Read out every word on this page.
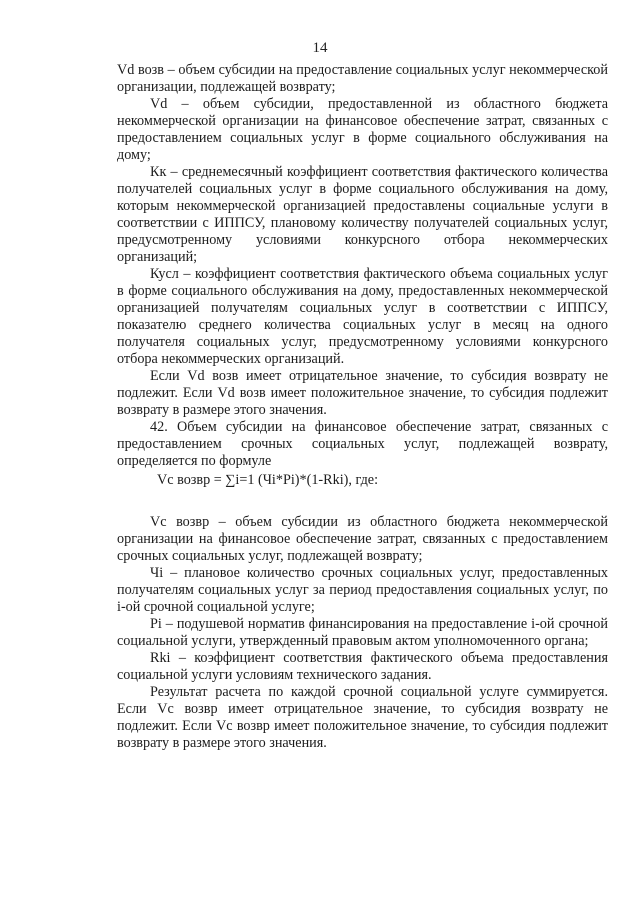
14

Vd возв – объем субсидии на предоставление социальных услуг некоммерческой организации, подлежащей возврату;

Vd – объем субсидии, предоставленной из областного бюджета некоммерческой организации на финансовое обеспечение затрат, связанных с предоставлением социальных услуг в форме социального обслуживания на дому;

Кк – среднемесячный коэффициент соответствия фактического количества получателей социальных услуг в форме социального обслуживания на дому, которым некоммерческой организацией предоставлены социальные услуги в соответствии с ИППСУ, плановому количеству получателей социальных услуг, предусмотренному условиями конкурсного отбора некоммерческих организаций;

Кусл – коэффициент соответствия фактического объема социальных услуг в форме социального обслуживания на дому, предоставленных некоммерческой организацией получателям социальных услуг в соответствии с ИППСУ, показателю среднего количества социальных услуг в месяц на одного получателя социальных услуг, предусмотренному условиями конкурсного отбора некоммерческих организаций.

Если Vd возв имеет отрицательное значение, то субсидия возврату не подлежит. Если Vd возв имеет положительное значение, то субсидия подлежит возврату в размере этого значения.

42. Объем субсидии на финансовое обеспечение затрат, связанных с предоставлением срочных социальных услуг, подлежащей возврату, определяется по формуле

Vc возвр = ∑i=1 (Чi*Pi)*(1-Rki), где:

Vc возвр – объем субсидии из областного бюджета некоммерческой организации на финансовое обеспечение затрат, связанных с предоставлением срочных социальных услуг, подлежащей возврату;

Чi – плановое количество срочных социальных услуг, предоставленных получателям социальных услуг за период предоставления социальных услуг, по i-ой срочной социальной услуге;

Pi – подушевой норматив финансирования на предоставление i-ой срочной социальной услуги, утвержденный правовым актом уполномоченного органа;

Rki – коэффициент соответствия фактического объема предоставления социальной услуги условиям технического задания.

Результат расчета по каждой срочной социальной услуге суммируется. Если Vc возвр имеет отрицательное значение, то субсидия возврату не подлежит. Если Vc возвр имеет положительное значение, то субсидия подлежит возврату в размере этого значения.
